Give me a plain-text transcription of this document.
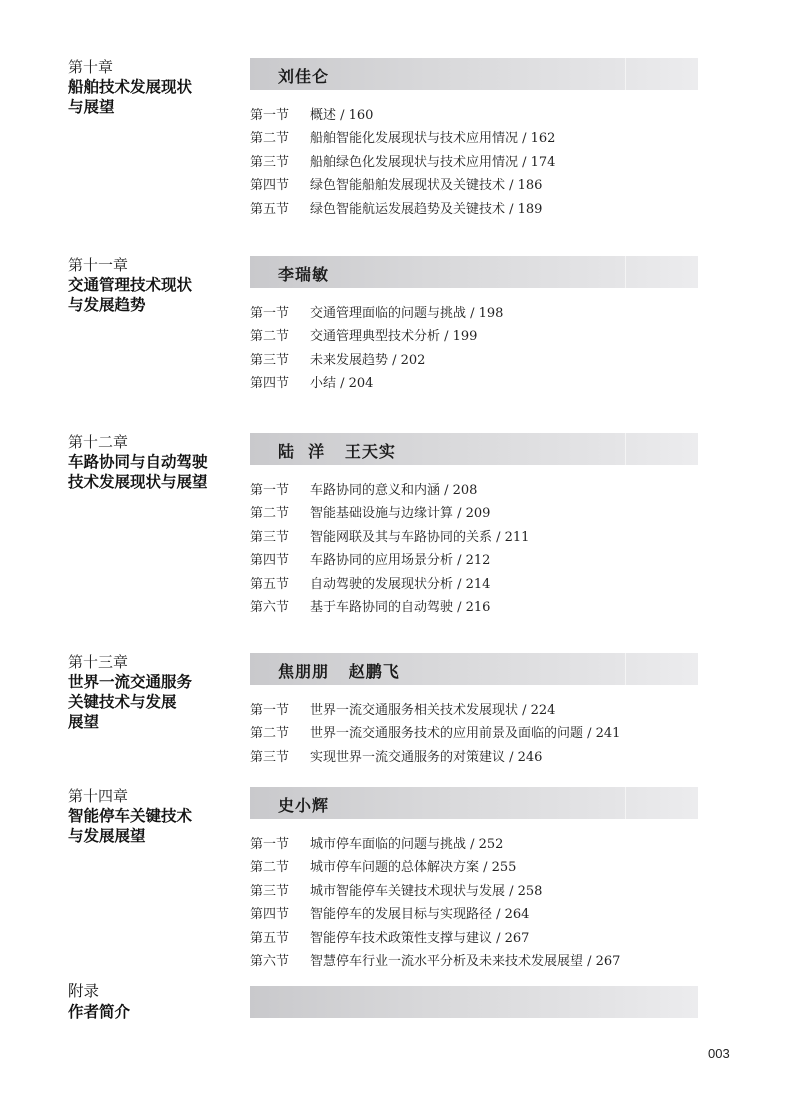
第十章
船舶技术发展现状
与展望
刘佳仑
第一节 概述 / 160
第二节 船舶智能化发展现状与技术应用情况 / 162
第三节 船舶绿色化发展现状与技术应用情况 / 174
第四节 绿色智能船舶发展现状及关键技术 / 186
第五节 绿色智能航运发展趋势及关键技术 / 189
第十一章
交通管理技术现状
与发展趋势
李瑞敏
第一节 交通管理面临的问题与挑战 / 198
第二节 交通管理典型技术分析 / 199
第三节 未来发展趋势 / 202
第四节 小结 / 204
第十二章
车路协同与自动驾驶
技术发展现状与展望
陆  洋   王天实
第一节 车路协同的意义和内涵 / 208
第二节 智能基础设施与边缘计算 / 209
第三节 智能网联及其与车路协同的关系 / 211
第四节 车路协同的应用场景分析 / 212
第五节 自动驾驶的发展现状分析 / 214
第六节 基于车路协同的自动驾驶 / 216
第十三章
世界一流交通服务
关键技术与发展
展望
焦朋朋   赵鹏飞
第一节 世界一流交通服务相关技术发展现状 / 224
第二节 世界一流交通服务技术的应用前景及面临的问题 / 241
第三节 实现世界一流交通服务的对策建议 / 246
第十四章
智能停车关键技术
与发展展望
史小辉
第一节 城市停车面临的问题与挑战 / 252
第二节 城市停车问题的总体解决方案 / 255
第三节 城市智能停车关键技术现状与发展 / 258
第四节 智能停车的发展目标与实现路径 / 264
第五节 智能停车技术政策性支撑与建议 / 267
第六节 智慧停车行业一流水平分析及未来技术发展展望 / 267
附录
作者简介
003
